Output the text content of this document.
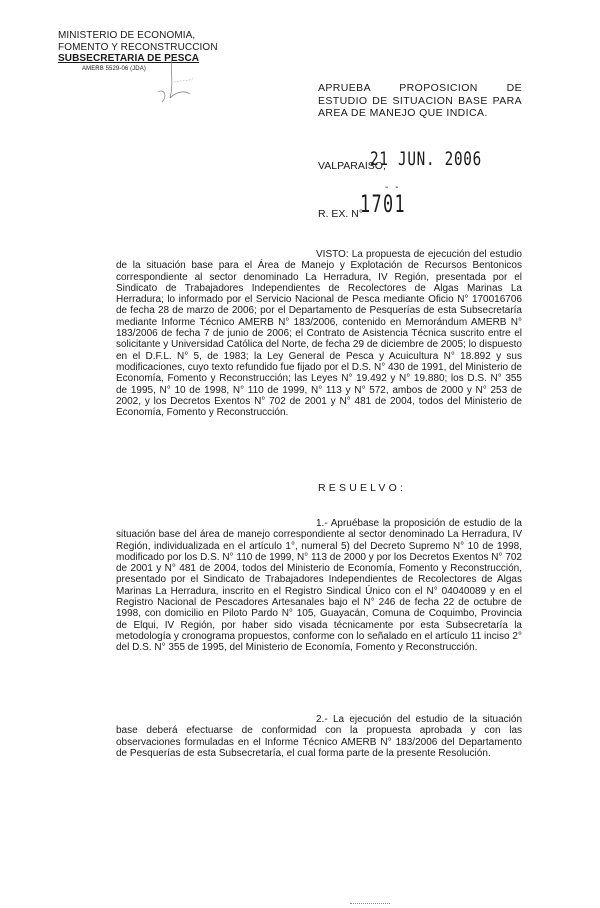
MINISTERIO DE ECONOMIA,
FOMENTO Y RECONSTRUCCION
SUBSECRETARIA DE PESCA
AMERB 5529-06 (JDA)
APRUEBA PROPOSICION DE ESTUDIO DE SITUACION BASE PARA AREA DE MANEJO QUE INDICA.
VALPARAISO,
21 JUN. 2006
- -
R. EX. N°
1701
VISTO: La propuesta de ejecución del estudio de la situación base para el Área de Manejo y Explotación de Recursos Bentonicos correspondiente al sector denominado La Herradura, IV Región, presentada por el Sindicato de Trabajadores Independientes de Recolectores de Algas Marinas La Herradura; lo informado por el Servicio Nacional de Pesca mediante Oficio N° 170016706 de fecha 28 de marzo de 2006; por el Departamento de Pesquerías de esta Subsecretaría mediante Informe Técnico AMERB N° 183/2006, contenido en Memorándum AMERB N° 183/2006 de fecha 7 de junio de 2006; el Contrato de Asistencia Técnica suscrito entre el solicitante y Universidad Católica del Norte, de fecha 29 de diciembre de 2005; lo dispuesto en el D.F.L. N° 5, de 1983; la Ley General de Pesca y Acuicultura N° 18.892 y sus modificaciones, cuyo texto refundido fue fijado por el D.S. N° 430 de 1991, del Ministerio de Economía, Fomento y Reconstrucción; las Leyes N° 19.492 y N° 19.880; los D.S. N° 355 de 1995, N° 10 de 1998, N° 110 de 1999, N° 113 y N° 572, ambos de 2000 y N° 253 de 2002, y los Decretos Exentos N° 702 de 2001 y N° 481 de 2004, todos del Ministerio de Economía, Fomento y Reconstrucción.
RESUELVO:
1.- Apruébase la proposición de estudio de la situación base del área de manejo correspondiente al sector denominado La Herradura, IV Región, individualizada en el artículo 1°, numeral 5) del Decreto Supremo N° 10 de 1998, modificado por los D.S. N° 110 de 1999, N° 113 de 2000 y por los Decretos Exentos N° 702 de 2001 y N° 481 de 2004, todos del Ministerio de Economía, Fomento y Reconstrucción, presentado por el Sindicato de Trabajadores Independientes de Recolectores de Algas Marinas La Herradura, inscrito en el Registro Sindical Único con el N° 04040089 y en el Registro Nacional de Pescadores Artesanales bajo el N° 246 de fecha 22 de octubre de 1998, con domicilio en Piloto Pardo N° 105, Guayacán, Comuna de Coquimbo, Provincia de Elqui, IV Región, por haber sido visada técnicamente por esta Subsecretaría la metodología y cronograma propuestos, conforme con lo señalado en el artículo 11 inciso 2° del D.S. N° 355 de 1995, del Ministerio de Economía, Fomento y Reconstrucción.
2.- La ejecución del estudio de la situación base deberá efectuarse de conformidad con la propuesta aprobada y con las observaciones formuladas en el Informe Técnico AMERB N° 183/2006 del Departamento de Pesquerías de esta Subsecretaría, el cual forma parte de la presente Resolución.
